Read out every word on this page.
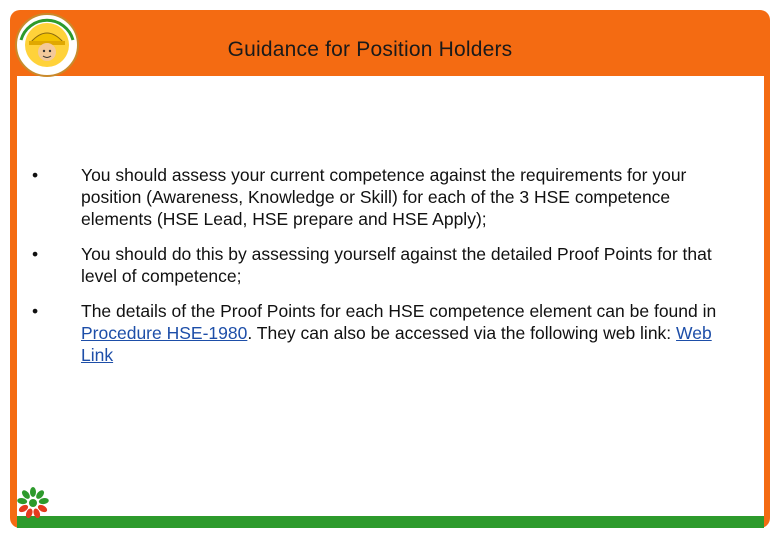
Guidance for Position Holders
• You should assess your current competence against the requirements for your position (Awareness, Knowledge or Skill) for each of the 3 HSE competence elements (HSE Lead, HSE prepare and HSE Apply);
• You should do this by assessing yourself against the detailed Proof Points for that level of competence;
• The details of the Proof Points for each HSE competence element can be found in Procedure HSE-1980. They can also be accessed via the following web link: Web Link
